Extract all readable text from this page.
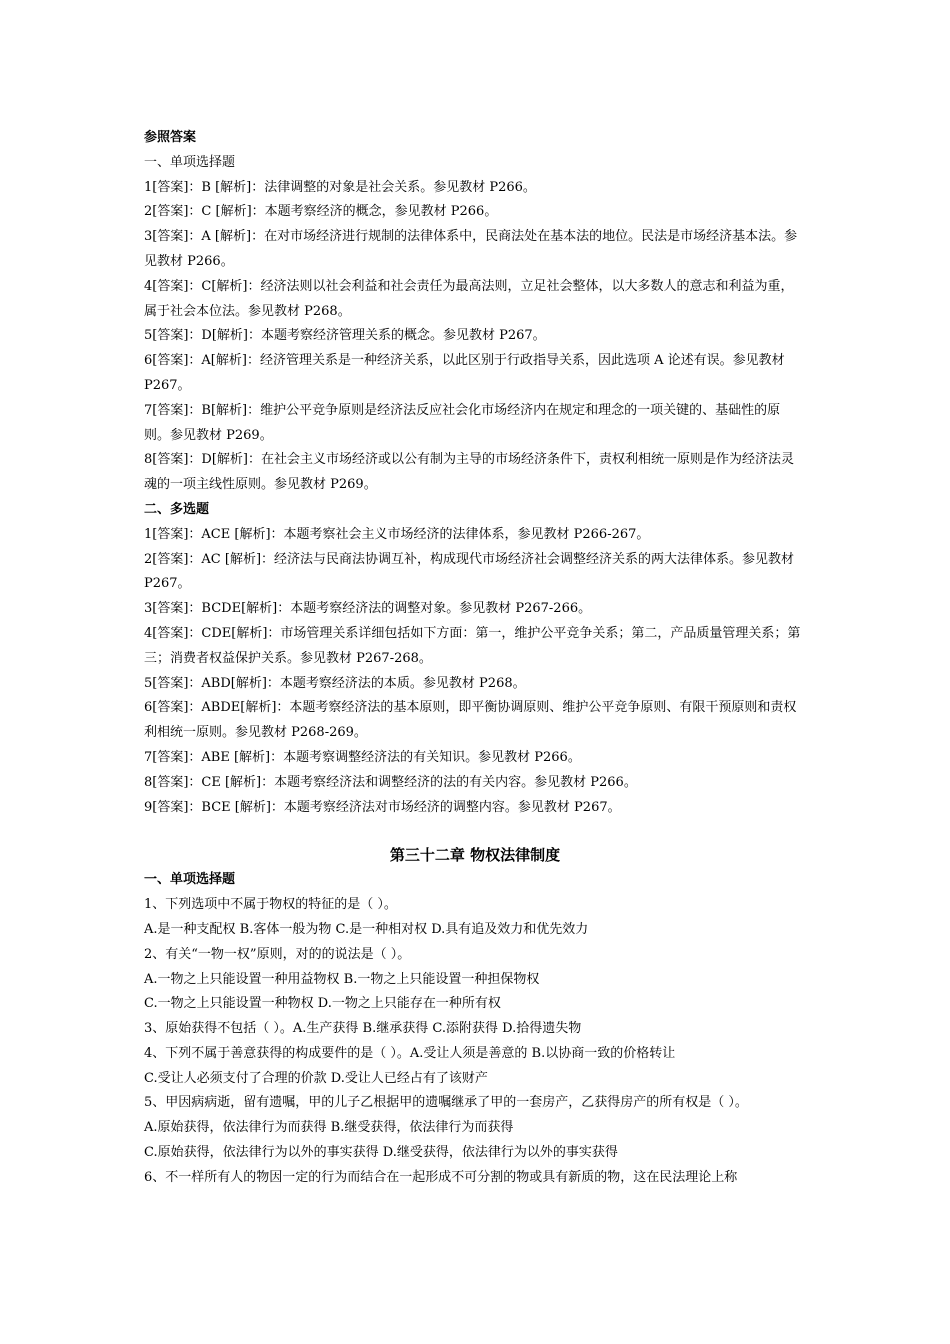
参照答案
一、单项选择题
1[答案]：B [解析]：法律调整的对象是社会关系。参见教材 P266。
2[答案]：C [解析]：本题考察经济的概念，参见教材 P266。
3[答案]：A [解析]：在对市场经济进行规制的法律体系中，民商法处在基本法的地位。民法是市场经济基本法。参见教材 P266。
4[答案]：C[解析]：经济法则以社会利益和社会责任为最高法则，立足社会整体，以大多数人的意志和利益为重，属于社会本位法。参见教材 P268。
5[答案]：D[解析]：本题考察经济管理关系的概念。参见教材 P267。
6[答案]：A[解析]：经济管理关系是一种经济关系，以此区别于行政指导关系，因此选项 A 论述有误。参见教材 P267。
7[答案]：B[解析]：维护公平竞争原则是经济法反应社会化市场经济内在规定和理念的一项关键的、基础性的原则。参见教材 P269。
8[答案]：D[解析]：在社会主义市场经济或以公有制为主导的市场经济条件下，责权利相统一原则是作为经济法灵魂的一项主线性原则。参见教材 P269。
二、多选题
1[答案]：ACE [解析]：本题考察社会主义市场经济的法律体系，参见教材 P266-267。
2[答案]：AC [解析]：经济法与民商法协调互补，构成现代市场经济社会调整经济关系的两大法律体系。参见教材 P267。
3[答案]：BCDE[解析]：本题考察经济法的调整对象。参见教材 P267-266。
4[答案]：CDE[解析]：市场管理关系详细包括如下方面：第一，维护公平竞争关系；第二，产品质量管理关系；第三；消费者权益保护关系。参见教材 P267-268。
5[答案]：ABD[解析]：本题考察经济法的本质。参见教材 P268。
6[答案]：ABDE[解析]：本题考察经济法的基本原则，即平衡协调原则、维护公平竞争原则、有限干预原则和责权利相统一原则。参见教材 P268-269。
7[答案]：ABE [解析]：本题考察调整经济法的有关知识。参见教材 P266。
8[答案]：CE [解析]：本题考察经济法和调整经济的法的有关内容。参见教材 P266。
9[答案]：BCE [解析]：本题考察经济法对市场经济的调整内容。参见教材 P267。
第三十二章 物权法律制度
一、单项选择题
1、下列选项中不属于物权的特征的是（ ）。
A.是一种支配权 B.客体一般为物 C.是一种相对权 D.具有追及效力和优先效力
2、有关“一物一权”原则，对的的说法是（ ）。
A.一物之上只能设置一种用益物权 B.一物之上只能设置一种担保物权
C.一物之上只能设置一种物权 D.一物之上只能存在一种所有权
3、原始获得不包括（ ）。A.生产获得 B.继承获得 C.添附获得 D.拾得遗失物
4、下列不属于善意获得的构成要件的是（ ）。A.受让人须是善意的 B.以协商一致的价格转让
C.受让人必须支付了合理的价款 D.受让人已经占有了该财产
5、甲因病病逝，留有遗嘱，甲的儿子乙根据甲的遗嘱继承了甲的一套房产，乙获得房产的所有权是（ ）。
A.原始获得，依法律行为而获得 B.继受获得，依法律行为而获得
C.原始获得，依法律行为以外的事实获得 D.继受获得，依法律行为以外的事实获得
6、不一样所有人的物因一定的行为而结合在一起形成不可分割的物或具有新质的物，这在民法理论上称
